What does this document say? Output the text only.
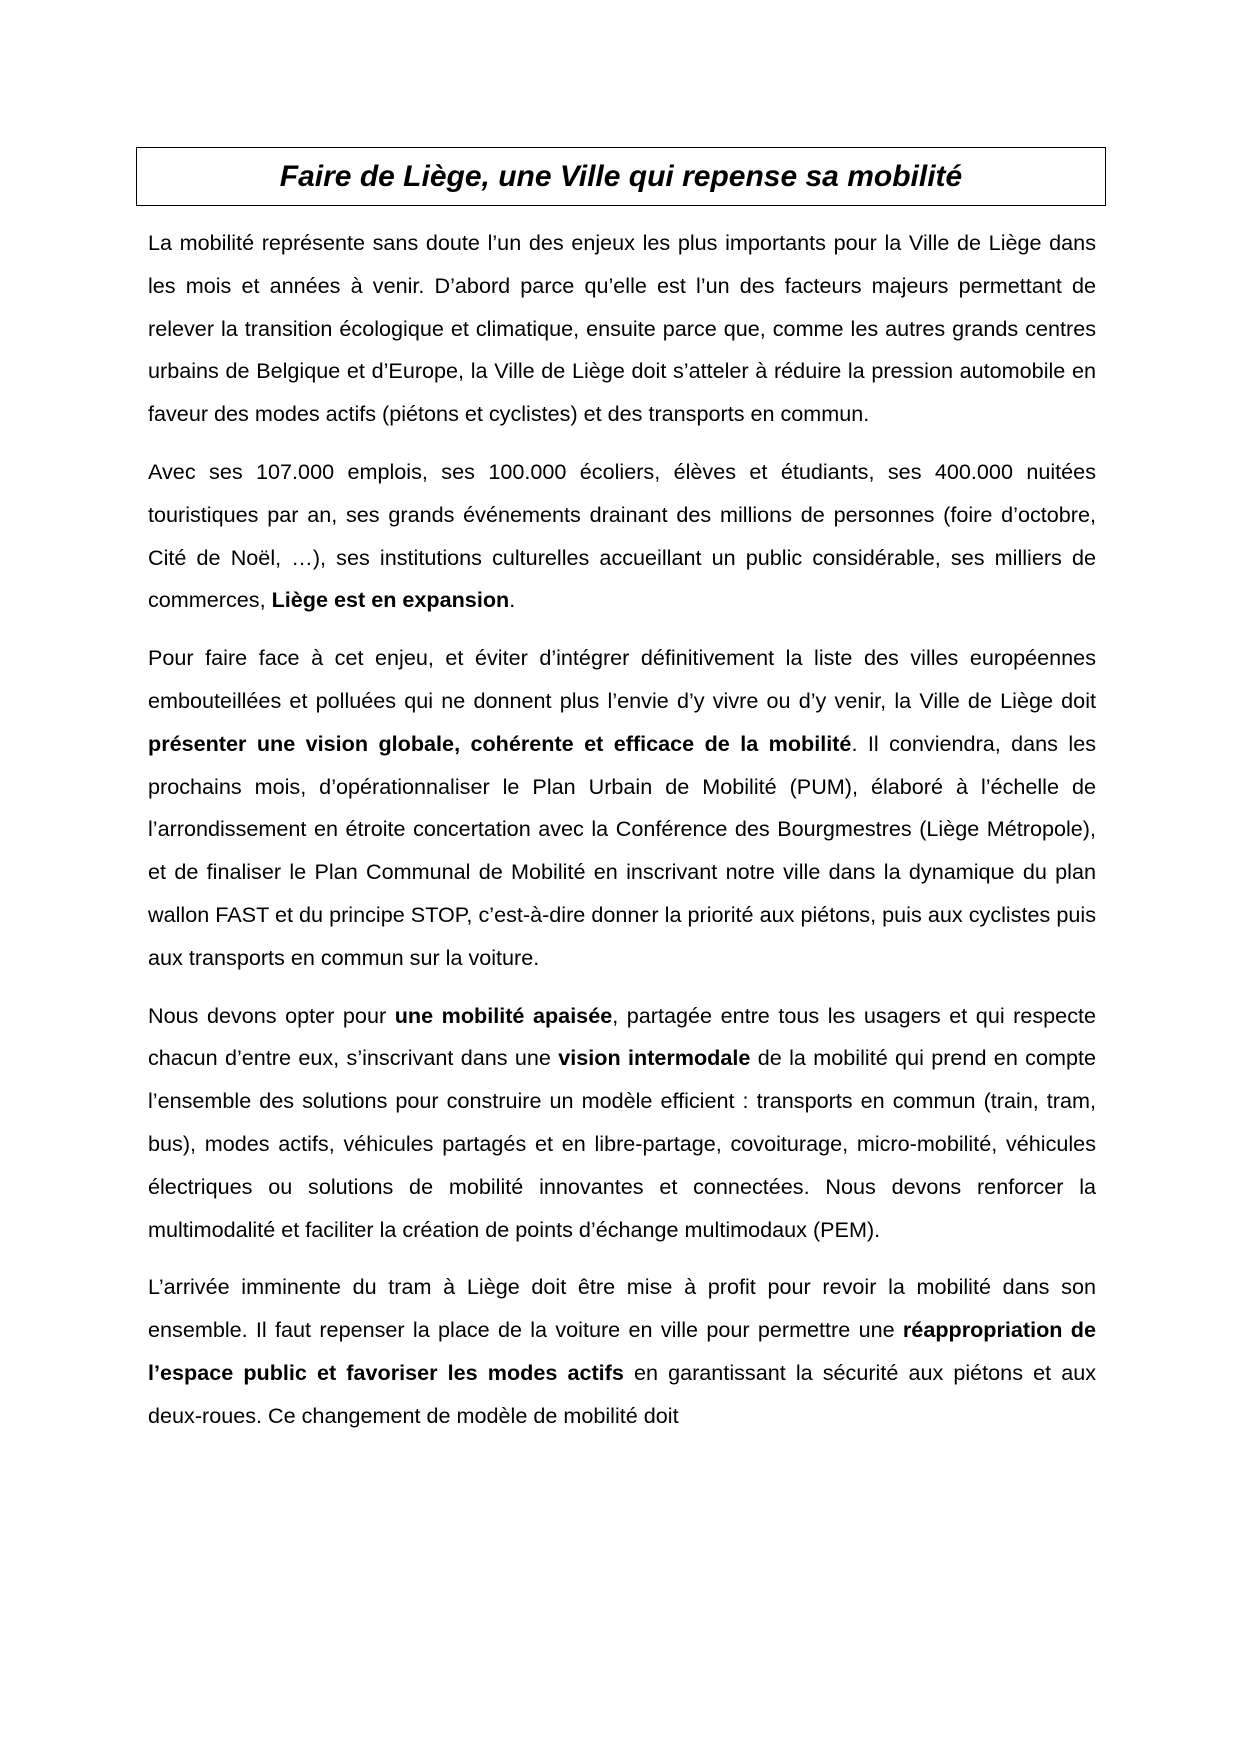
Faire de Liège, une Ville qui repense sa mobilité

La mobilité représente sans doute l’un des enjeux les plus importants pour la Ville de Liège dans les mois et années à venir. D’abord parce qu’elle est l’un des facteurs majeurs permettant de relever la transition écologique et climatique, ensuite parce que, comme les autres grands centres urbains de Belgique et d’Europe, la Ville de Liège doit s’atteler à réduire la pression automobile en faveur des modes actifs (piétons et cyclistes) et des transports en commun.

Avec ses 107.000 emplois, ses 100.000 écoliers, élèves et étudiants, ses 400.000 nuitées touristiques par an, ses grands événements drainant des millions de personnes (foire d’octobre, Cité de Noël, …), ses institutions culturelles accueillant un public considérable, ses milliers de commerces, Liège est en expansion.

Pour faire face à cet enjeu, et éviter d’intégrer définitivement la liste des villes européennes embouteillées et polluées qui ne donnent plus l’envie d’y vivre ou d’y venir, la Ville de Liège doit présenter une vision globale, cohérente et efficace de la mobilité. Il conviendra, dans les prochains mois, d’opérationnaliser le Plan Urbain de Mobilité (PUM), élaboré à l’échelle de l’arrondissement en étroite concertation avec la Conférence des Bourgmestres (Liège Métropole), et de finaliser le Plan Communal de Mobilité en inscrivant notre ville dans la dynamique du plan wallon FAST et du principe STOP, c’est-à-dire donner la priorité aux piétons, puis aux cyclistes puis aux transports en commun sur la voiture.

Nous devons opter pour une mobilité apaisée, partagée entre tous les usagers et qui respecte chacun d’entre eux, s’inscrivant dans une vision intermodale de la mobilité qui prend en compte l’ensemble des solutions pour construire un modèle efficient : transports en commun (train, tram, bus), modes actifs, véhicules partagés et en libre-partage, covoiturage, micro-mobilité, véhicules électriques ou solutions de mobilité innovantes et connectées. Nous devons renforcer la multimodalité et faciliter la création de points d’échange multimodaux (PEM).

L’arrivée imminente du tram à Liège doit être mise à profit pour revoir la mobilité dans son ensemble. Il faut repenser la place de la voiture en ville pour permettre une réappropriation de l’espace public et favoriser les modes actifs en garantissant la sécurité aux piétons et aux deux-roues. Ce changement de modèle de mobilité doit
